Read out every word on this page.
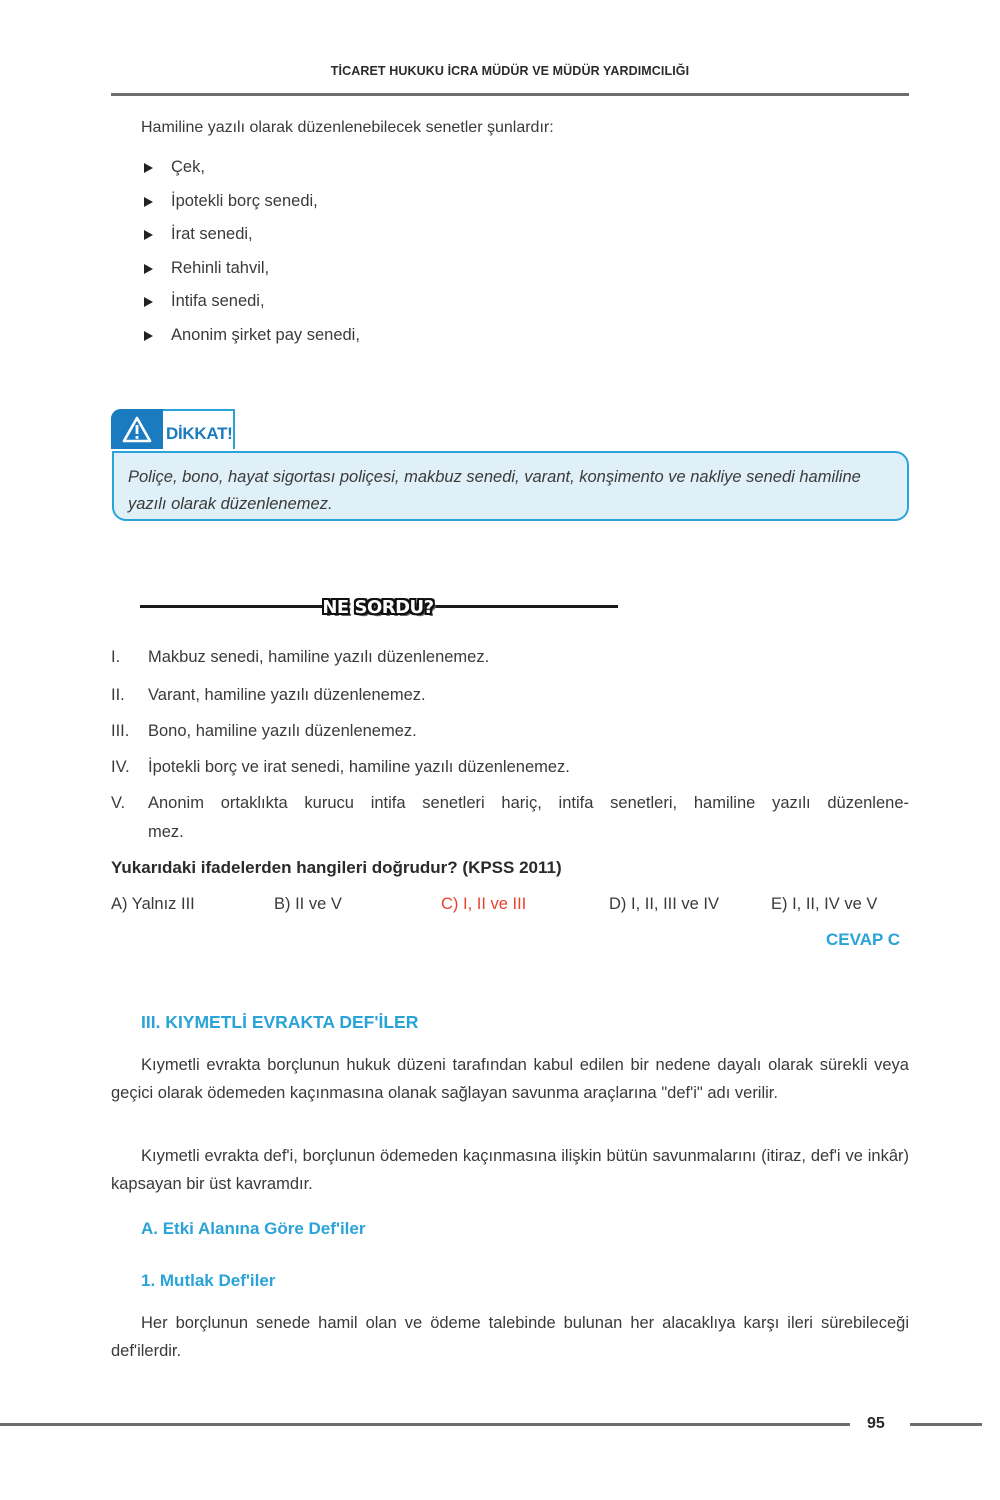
TİCARET HUKUKU İCRA MÜDÜR VE MÜDÜR YARDIMCILIĞI
Hamiline yazılı olarak düzenlenebilecek senetler şunlardır:
Çek,
İpotekli borç senedi,
İrat senedi,
Rehinli tahvil,
İntifa senedi,
Anonim şirket pay senedi,
DİKKAT!
Poliçe, bono, hayat sigortası poliçesi, makbuz senedi, varant, konşimento ve nakliye senedi hamiline yazılı olarak düzenlenemez.
NE SORDU?
I. Makbuz senedi, hamiline yazılı düzenlenemez.
II. Varant, hamiline yazılı düzenlenemez.
III. Bono, hamiline yazılı düzenlenemez.
IV. İpotekli borç ve irat senedi, hamiline yazılı düzenlenemez.
V. Anonim ortaklıkta kurucu intifa senetleri hariç, intifa senetleri, hamiline yazılı düzenlene-
mez.
Yukarıdaki ifadelerden hangileri doğrudur? (KPSS 2011)
A) Yalnız III	B) II ve V	C) I, II ve III	D) I, II, III ve IV	E) I, II, IV ve V
CEVAP C
III. KIYMETLİ EVRAKTA DEF'İLER
Kıymetli evrakta borçlunun hukuk düzeni tarafından kabul edilen bir nedene dayalı olarak sürekli veya geçici olarak ödemeden kaçınmasına olanak sağlayan savunma araçlarına "def'i" adı verilir.
Kıymetli evrakta def'i, borçlunun ödemeden kaçınmasına ilişkin bütün savunmalarını (itiraz, def'i ve inkâr) kapsayan bir üst kavramdır.
A. Etki Alanına Göre Def'iler
1. Mutlak Def'iler
Her borçlunun senede hamil olan ve ödeme talebinde bulunan her alacaklıya karşı ileri sürebileceği def'ilerdir.
95
